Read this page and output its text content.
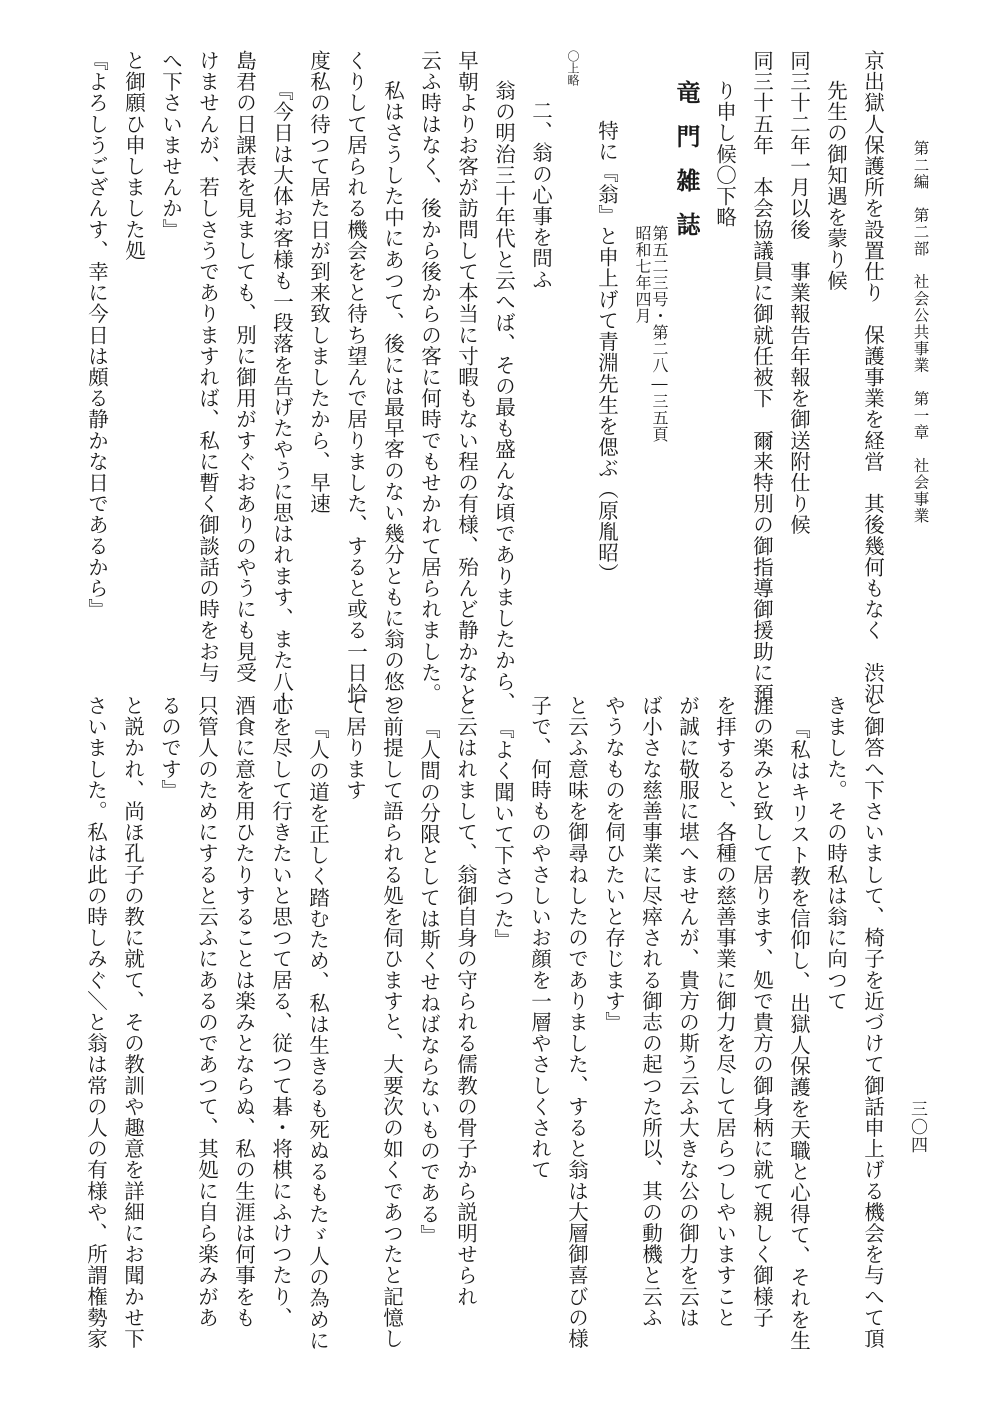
第二編　第二部　社会公共事業　第一章　社会事業
三〇四
京出獄人保護所を設置仕り　保護事業を経営　其後幾何もなく　渋沢
先生の御知遇を蒙り候
同三十二年一月以後　事業報告年報を御送附仕り候
同三十五年　本会協議員に御就任被下　爾来特別の御指導御援助に預
り申し候〇下略
竜門雑誌
第五二三号・第二八―三五頁
昭和七年四月
特に『翁』と申上げて青淵先生を偲ぶ（原胤昭）
〇上略
二、翁の心事を問ふ
翁の明治三十年代と云へば、その最も盛んな頃でありましたから、
早朝よりお客が訪問して本当に寸暇もない程の有様、殆んど静かなと
云ふ時はなく、後から後からの客に何時でもせかれて居られました。
私はさうした中にあつて、後には最早客のない幾分ともに翁の悠つ
くりして居られる機会をと待ち望んで居りました、すると或る一日恰
度私の待つて居た日が到来致しましたから、早速
『今日は大体お客様も一段落を告げたやうに思はれます、また八十
島君の日課表を見ましても、別に御用がすぐおありのやうにも見受
けませんが、若しさうでありますれば、私に暫く御談話の時をお与
へ下さいませんか』
と御願ひ申しました処
『よろしうござんす、幸に今日は頗る静かな日であるから』
と御答へ下さいまして、椅子を近づけて御話申上げる機会を与へて頂
きました。その時私は翁に向つて
『私はキリスト教を信仰し、出獄人保護を天職と心得て、それを生
涯の楽みと致して居ります、処で貴方の御身柄に就て親しく御様子
を拝すると、各種の慈善事業に御力を尽して居らつしやいますこと
が誠に敬服に堪へませんが、貴方の斯う云ふ大きな公の御力を云は
ば小さな慈善事業に尽瘁される御志の起つた所以、其の動機と云ふ
やうなものを伺ひたいと存じます』
と云ふ意味を御尋ねしたのでありました、すると翁は大層御喜びの様
子で、何時ものやさしいお顔を一層やさしくされて
『よく聞いて下さつた』
と云はれまして、翁御自身の守られる儒教の骨子から説明せられ
『人間の分限としては斯くせねばならないものである』
と前提して語られる処を伺ひますと、大要次の如くであつたと記憶し
て居ります
『人の道を正しく踏むため、私は生きるも死ぬるもたゞ人の為めに
心を尽して行きたいと思つて居る、従つて碁・将棋にふけつたり、
酒食に意を用ひたりすることは楽みとならぬ、私の生涯は何事をも
只管人のためにすると云ふにあるのであつて、其処に自ら楽みがあ
るのです』
と説かれ、尚ほ孔子の教に就て、その教訓や趣意を詳細にお聞かせ下
さいました。私は此の時しみぐ＼と翁は常の人の有様や、所謂権勢家
